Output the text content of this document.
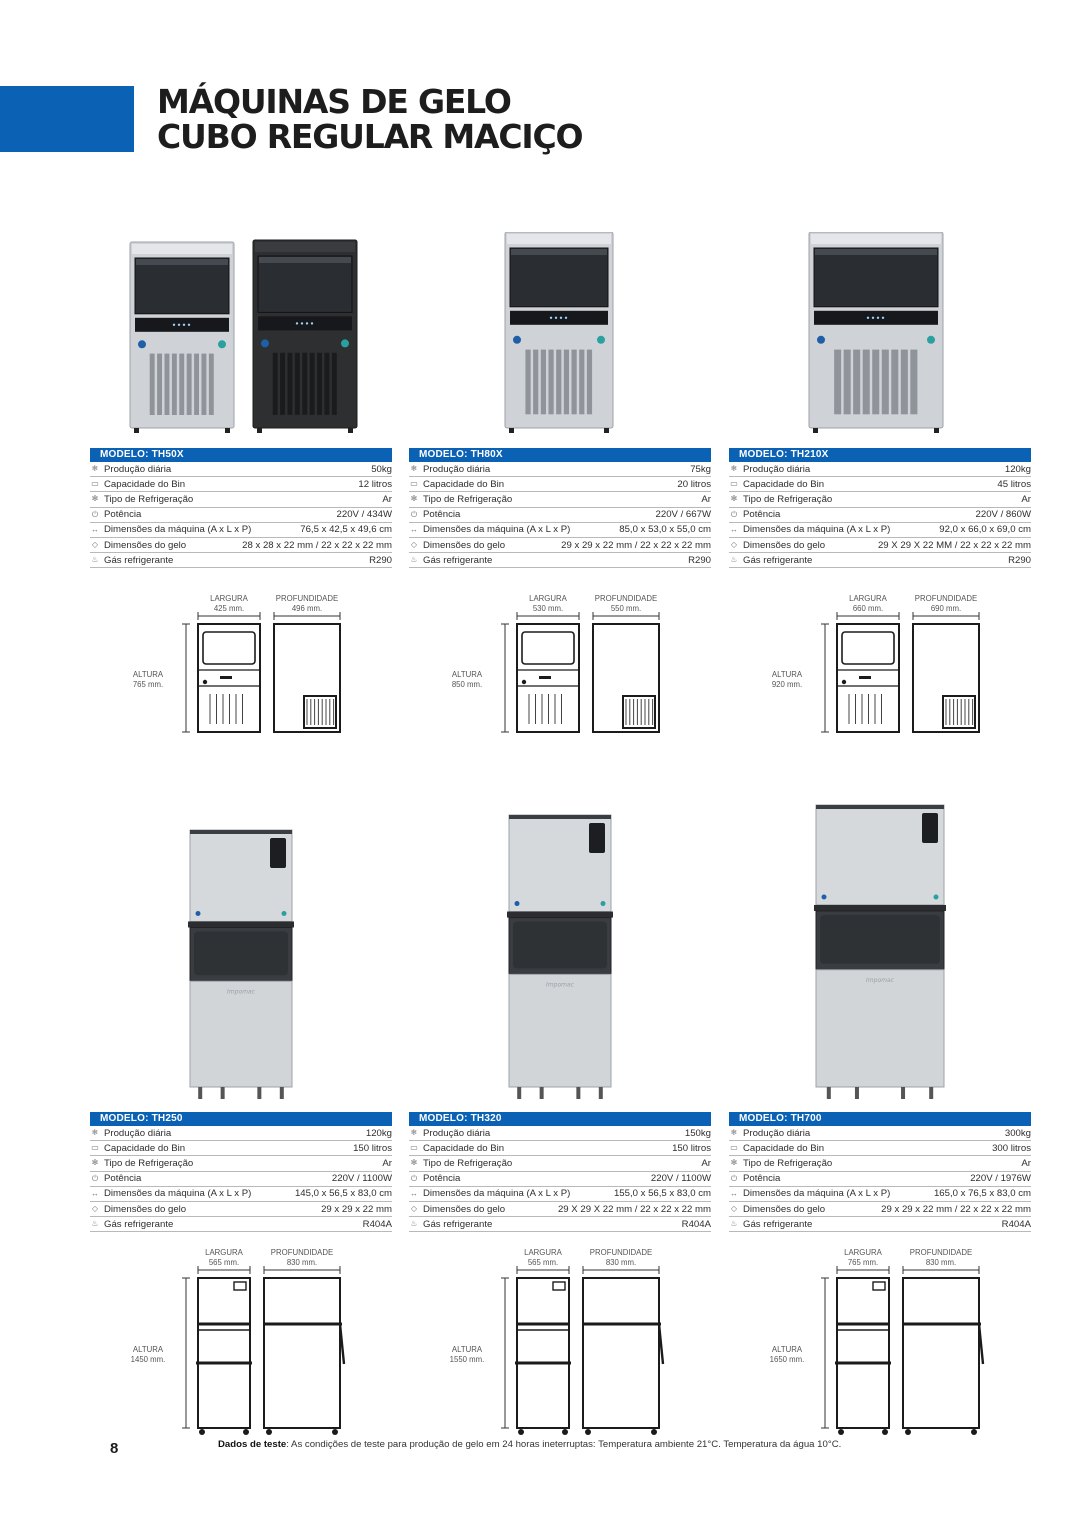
MÁQUINAS DE GELO
CUBO REGULAR MACIÇO
MODELO: TH50X
❄ Produção diária	50kg
▭ Capacidade do Bin	12 litros
✻ Tipo de Refrigeração	Ar
⏻ Potência	220V / 434W
↔ Dimensões da máquina (A x L x P)	76,5 x 42,5 x 49,6 cm
◇ Dimensões do gelo	28 x 28 x 22 mm / 22 x 22 x 22 mm
♨ Gás refrigerante	R290
LARGURA
425 mm.
PROFUNDIDADE
496 mm.
ALTURA
765 mm.
MODELO: TH80X
❄ Produção diária	75kg
▭ Capacidade do Bin	20 litros
✻ Tipo de Refrigeração	Ar
⏻ Potência	220V / 667W
↔ Dimensões da máquina (A x L x P)	85,0 x 53,0 x 55,0 cm
◇ Dimensões do gelo	29 x 29 x 22 mm / 22 x 22 x 22 mm
♨ Gás refrigerante	R290
LARGURA
530 mm.
PROFUNDIDADE
550 mm.
ALTURA
850 mm.
MODELO: TH210X
❄ Produção diária	120kg
▭ Capacidade do Bin	45 litros
✻ Tipo de Refrigeração	Ar
⏻ Potência	220V / 860W
↔ Dimensões da máquina (A x L x P)	92,0 x 66,0 x 69,0 cm
◇ Dimensões do gelo	29 X 29 X 22 MM / 22 x 22 x 22 mm
♨ Gás refrigerante	R290
LARGURA
660 mm.
PROFUNDIDADE
690 mm.
ALTURA
920 mm.
Impomac
MODELO: TH250
❄ Produção diária	120kg
▭ Capacidade do Bin	150 litros
✻ Tipo de Refrigeração	Ar
⏻ Potência	220V / 1100W
↔ Dimensões da máquina (A x L x P)	145,0 x 56,5 x 83,0 cm
◇ Dimensões do gelo	29 x 29 x 22 mm
♨ Gás refrigerante	R404A
LARGURA
565 mm.
PROFUNDIDADE
830 mm.
ALTURA
1450 mm.
Impomac
MODELO: TH320
❄ Produção diária	150kg
▭ Capacidade do Bin	150 litros
✻ Tipo de Refrigeração	Ar
⏻ Potência	220V / 1100W
↔ Dimensões da máquina (A x L x P)	155,0 x 56,5 x 83,0 cm
◇ Dimensões do gelo	29 X 29 X 22 mm / 22 x 22 x 22 mm
♨ Gás refrigerante	R404A
LARGURA
565 mm.
PROFUNDIDADE
830 mm.
ALTURA
1550 mm.
Impomac
MODELO: TH700
❄ Produção diária	300kg
▭ Capacidade do Bin	300 litros
✻ Tipo de Refrigeração	Ar
⏻ Potência	220V / 1976W
↔ Dimensões da máquina (A x L x P)	165,0 x 76,5 x 83,0 cm
◇ Dimensões do gelo	29 x 29 x 22 mm / 22 x 22 x 22 mm
♨ Gás refrigerante	R404A
LARGURA
765 mm.
PROFUNDIDADE
830 mm.
ALTURA
1650 mm.
8	Dados de teste: As condições de teste para produção de gelo em 24 horas ineterruptas: Temperatura ambiente 21°C. Temperatura da água 10°C.
